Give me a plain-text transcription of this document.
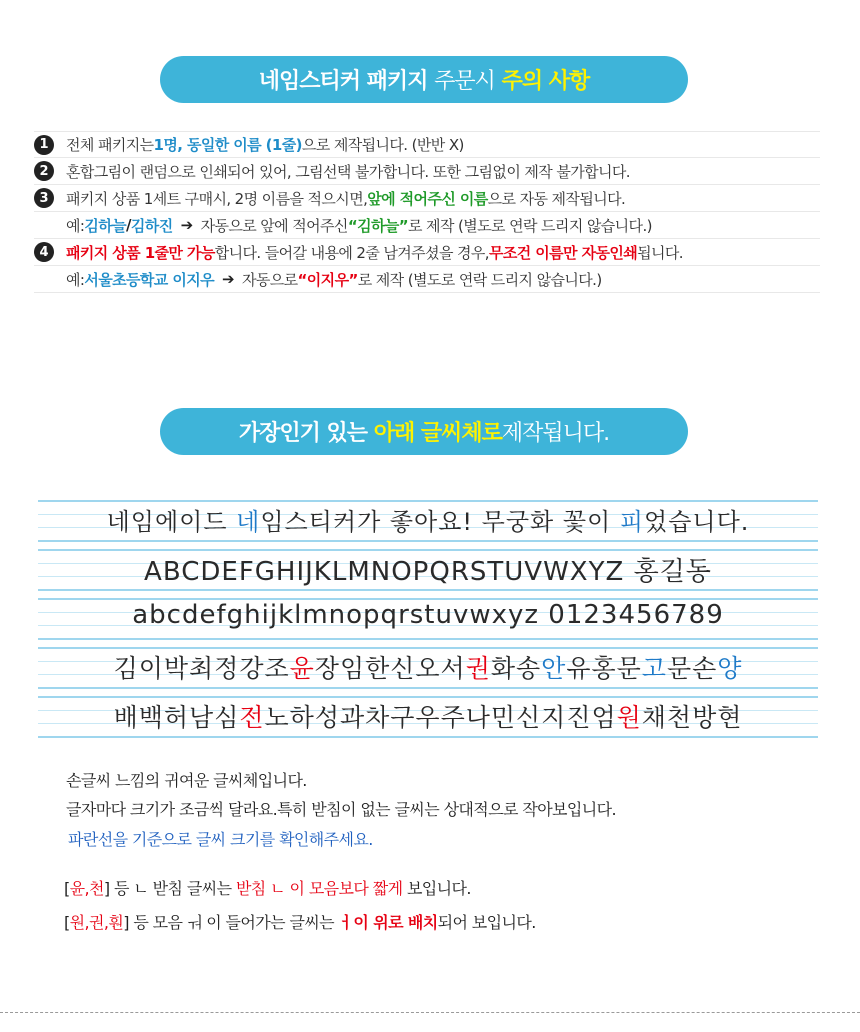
네임스티커 패키지
주문시
주의 사항
1	전체 패키지는 1명, 동일한 이름 (1줄) 으로 제작됩니다. (반반 X)
2	혼합그림이 랜덤으로 인쇄되어 있어, 그림선택 불가합니다. 또한 그림없이 제작 불가합니다.
3	패키지 상품 1세트 구매시, 2명 이름을 적으시면, 앞에 적어주신 이름 으로 자동 제작됩니다.
예: 김하늘 / 김하진 ➔ 자동으로 앞에 적어주신 “김하늘” 로 제작 (별도로 연락 드리지 않습니다.)
4	패키지 상품 1줄만 가능 합니다. 들어갈 내용에 2줄 남겨주셨을 경우, 무조건 이름만 자동인쇄 됩니다.
예: 서울초등학교 이지우 ➔ 자동으로 “이지우” 로 제작 (별도로 연락 드리지 않습니다.)
가장인기 있는
아래 글씨체로 제작됩니다.
네임에이드 네임스티커가 좋아요! 무궁화 꽃이 피었습니다.
ABCDEFGHIJKLMNOPQRSTUVWXYZ 홍길동
abcdefghijklmnopqrstuvwxyz 0123456789
김이박최정강조윤장임한신오서권화송안유홍문고문손양
배백허남심전노하성과차구우주나민신지진엄원채천방현
손글씨 느낌의 귀여운 글씨체입니다.
글자마다 크기가 조금씩 달라요.특히 받침이 없는 글씨는 상대적으로 작아보입니다.
파란선을 기준으로 글씨 크기를 확인해주세요.
[윤,천] 등 ㄴ 받침 글씨는 받침 ㄴ 이 모음보다 짧게 보입니다.
[원,권,훤] 등 모음 ㅝ 이 들어가는 글씨는 ㅓ이 위로 배치되어 보입니다.
